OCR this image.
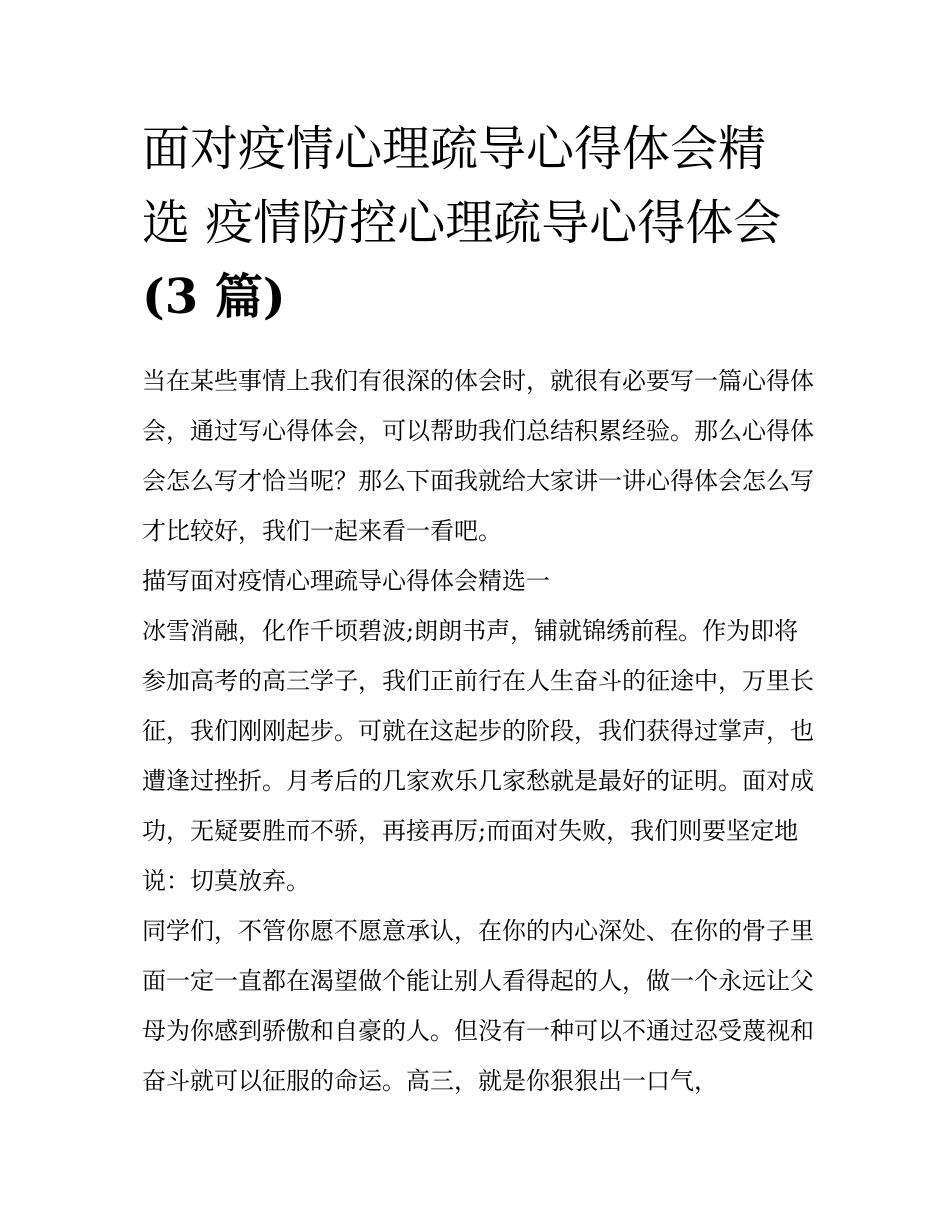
面对疫情心理疏导心得体会精
选 疫情防控心理疏导心得体会
(3 篇)

当在某些事情上我们有很深的体会时，就很有必要写一篇心得体会，通过写心得体会，可以帮助我们总结积累经验。那么心得体会怎么写才恰当呢？那么下面我就给大家讲一讲心得体会怎么写才比较好，我们一起来看一看吧。

描写面对疫情心理疏导心得体会精选一

冰雪消融，化作千顷碧波;朗朗书声，铺就锦绣前程。作为即将参加高考的高三学子，我们正前行在人生奋斗的征途中，万里长征，我们刚刚起步。可就在这起步的阶段，我们获得过掌声，也遭逢过挫折。月考后的几家欢乐几家愁就是最好的证明。面对成功，无疑要胜而不骄，再接再厉;而面对失败，我们则要坚定地说：切莫放弃。

同学们，不管你愿不愿意承认，在你的内心深处、在你的骨子里面一定一直都在渴望做个能让别人看得起的人，做一个永远让父母为你感到骄傲和自豪的人。但没有一种可以不通过忍受蔑视和奋斗就可以征服的命运。高三，就是你狠狠出一口气，
